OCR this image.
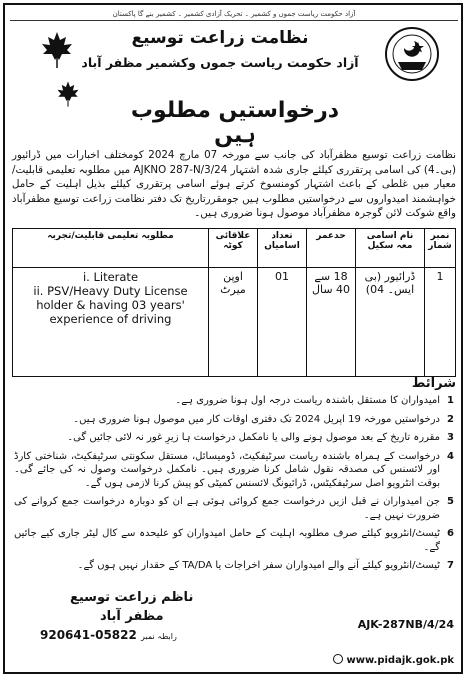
آزاد حکومت ریاست جموں و کشمیر ۔ تحریک آزادی کشمیر ۔ کشمیر بنے گا پاکستان
نظامت زراعت توسیع
آزاد حکومت ریاست جموں وکشمیر مظفر آباد
درخواستیں مطلوب ہیں
نظامت زراعت توسیع مظفرآباد کی جانب سے مورخہ 07 مارچ 2024 کومختلف اخبارات میں ڈرائیور (بی۔4) کی اسامی پرتقرری کیلئے جاری شدہ اشتہار AJKNO 287-N/3/24 میں مطلوبہ تعلیمی قابلیت/معیار میں غلطی کے باعث اشتہار کومنسوخ کرتے ہوئے اسامی پرتقرری کیلئے بذیل اہلیت کے حامل خواہشمند امیدواروں سے درخواستیں مطلوب ہیں جومقررتاریخ تک دفتر نظامت زراعت توسیع مظفرآباد واقع شوکت لائن گوجرہ مظفرآباد موصول ہونا ضروری ہیں۔
نمبر شمار	نام اسامی معہ سکیل	حدعمر	تعداد اسامیاں	علاقائی کوٹہ	مطلوبہ تعلیمی قابلیت/تجربہ
1	ڈرائیور (بی ایس۔ 04)	18 سے 40 سال	01	اوپن میرٹ	i. Literate
ii. PSV/Heavy Duty License holder & having 03 years' experience of driving
شرائط
1
امیدواران کا مستقل باشندہ ریاست درجہ اول ہونا ضروری ہے۔
2
درخواستیں مورخہ 19 اپریل 2024 تک دفتری اوقات کار میں موصول ہونا ضروری ہیں۔
3
مقررہ تاریخ کے بعد موصول ہونے والی یا نامکمل درخواست ہا زیرِ غور نہ لائی جائیں گی۔
4
درخواست کے ہمراہ باشندہ ریاست سرٹیفکیٹ، ڈومیسائل، مستقل سکونتی سرٹیفکیٹ، شناختی کارڈ اور لائسنس کی مصدقہ نقول شامل کرنا ضروری ہیں۔ نامکمل درخواست وصول نہ کی جائے گی۔ بوقت انٹرویو اصل سرٹیفکیٹس، ڈرائیونگ لائسنس کمیٹی کو پیش کرنا لازمی ہوں گے۔
5
جن امیدواران نے قبل ازیں درخواست جمع کروائی ہوئی ہے ان کو دوبارہ درخواست جمع کروانے کی ضرورت نہیں ہے۔
6
ٹیسٹ/انٹرویو کیلئے صرف مطلوبہ اہلیت کے حامل امیدواران کو علیحدہ سے کال لیٹر جاری کیے جائیں گے۔
7
ٹیسٹ/انٹرویو کیلئے آنے والے امیدواران سفر اخراجات یا TA/DA کے حقدار نہیں ہوں گے۔
ناظم زراعت توسیع
مظفر آباد
رابطہ نمبر 05822-920641
AJK-287NB/4/24
www.pidajk.gok.pk
